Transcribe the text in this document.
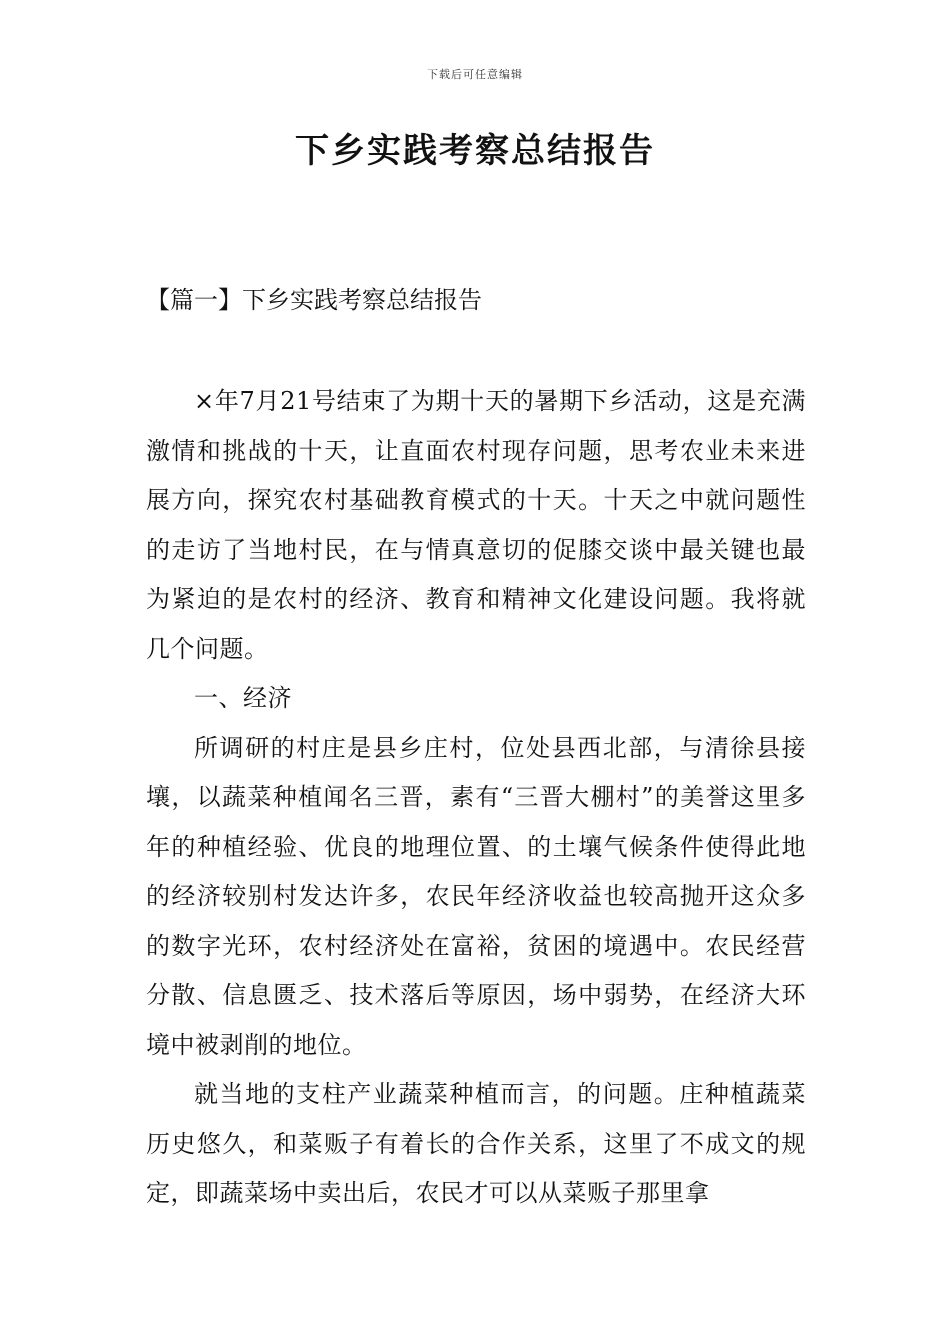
下载后可任意编辑
下乡实践考察总结报告
【篇一】下乡实践考察总结报告

×年7月21号结束了为期十天的暑期下乡活动，这是充满激情和挑战的十天，让直面农村现存问题，思考农业未来进展方向，探究农村基础教育模式的十天。十天之中就问题性的走访了当地村民，在与情真意切的促膝交谈中最关键也最为紧迫的是农村的经济、教育和精神文化建设问题。我将就几个问题。

一、经济

所调研的村庄是县乡庄村，位处县西北部，与清徐县接壤，以蔬菜种植闻名三晋，素有“三晋大棚村”的美誉这里多年的种植经验、优良的地理位置、的土壤气候条件使得此地的经济较别村发达许多，农民年经济收益也较高抛开这众多的数字光环，农村经济处在富裕，贫困的境遇中。农民经营分散、信息匮乏、技术落后等原因，场中弱势，在经济大环境中被剥削的地位。

就当地的支柱产业蔬菜种植而言，的问题。庄种植蔬菜历史悠久，和菜贩子有着长的合作关系，这里了不成文的规定，即蔬菜场中卖出后，农民才可以从菜贩子那里拿
